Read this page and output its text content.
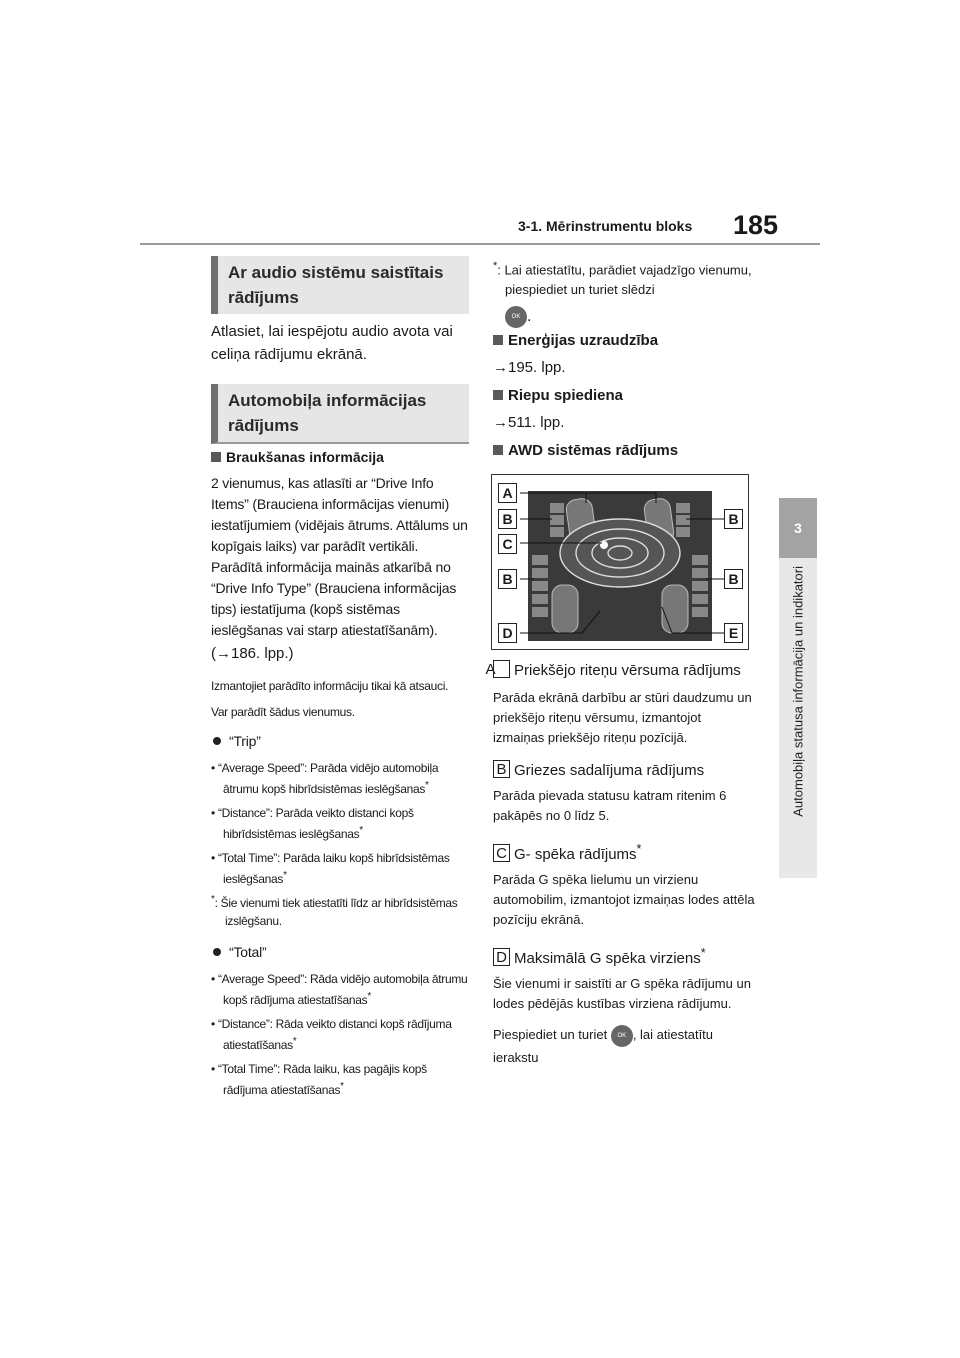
3-1. Mērinstrumentu bloks 185
3
Automobiļa statusa informācija un indikatori
Ar audio sistēmu saistītais rādījums
Atlasiet, lai iespējotu audio avota vai celiņa rādījumu ekrānā.
Automobiļa informācijas rādījums
Braukšanas informācija
2 vienumus, kas atlasīti ar “Drive Info Items” (Brauciena informācijas vienumi) iestatījumiem (vidējais ātrums. Attālums un kopīgais laiks) var parādīt vertikāli. Parādītā informācija mainās atkarībā no “Drive Info Type” (Brauciena informācijas tips) iestatījuma (kopš sistēmas ieslēgšanas vai starp atiestatīšanām).
(→186. lpp.)
Izmantojiet parādīto informāciju tikai kā atsauci.
Var parādīt šādus vienumus.
“Trip”
• “Average Speed”: Parāda vidējo automobiļa ātrumu kopš hibrīdsistēmas ieslēgšanas*
• “Distance”: Parāda veikto distanci kopš hibrīdsistēmas ieslēgšanas*
• “Total Time”: Parāda laiku kopš hibrīdsistēmas ieslēgšanas*
*: Šie vienumi tiek atiestatīti līdz ar hibrīdsistēmas izslēgšanu.
“Total”
• “Average Speed”: Rāda vidējo automobiļa ātrumu kopš rādījuma atiestatīšanas*
• “Distance”: Rāda veikto distanci kopš rādījuma atiestatīšanas*
• “Total Time”: Rāda laiku, kas pagājis kopš rādījuma atiestatīšanas*
*: Lai atiestatītu, parādiet vajadzīgo vienumu, piespiediet un turiet slēdzi
OK .
Enerģijas uzraudzība
→195. lpp.
Riepu spiediena
→511. lpp.
AWD sistēmas rādījums
A
B	B
C
B	B
D	E
A Priekšējo riteņu vērsuma rādījums
Parāda ekrānā darbību ar stūri daudzumu un priekšējo riteņu vērsumu, izmantojot izmaiņas priekšējo riteņu pozīcijā.
B Griezes sadalījuma rādījums
Parāda pievada statusu katram ritenim 6 pakāpēs no 0 līdz 5.
C G- spēka rādījums*
Parāda G spēka lielumu un virzienu automobilim, izmantojot izmaiņas lodes attēla pozīciju ekrānā.
D Maksimālā G spēka virziens*
Šie vienumi ir saistīti ar G spēka rādījumu un lodes pēdējās kustības virziena rādījumu.
Piespiediet un turiet OK , lai atiestatītu ierakstu
